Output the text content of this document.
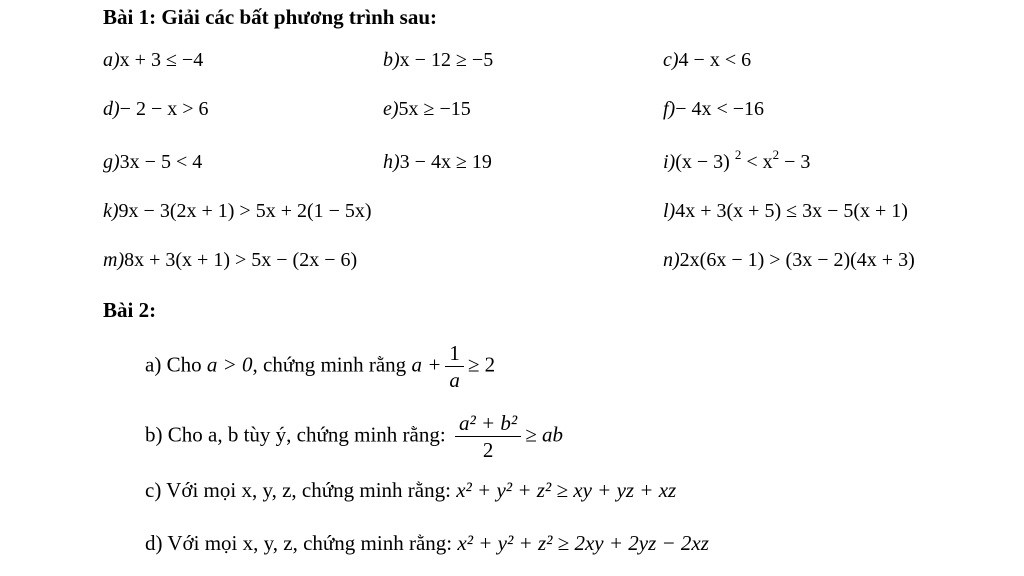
Bài 1: Giải các bất phương trình sau:
a)x + 3 ≤ −4	b)x − 12 ≥ −5	c)4 − x < 6
d)− 2 − x > 6	e)5x ≥ −15	f)− 4x < −16
g)3x − 5 < 4	h)3 − 4x ≥ 19	i)(x − 3) $^2 < x^2 - 3$
k)9x − 3(2x + 1) > 5x + 2(1 − 5x)	l)4x + 3(x + 5) ≤ 3x − 5(x + 1)
m)8x + 3(x + 1) > 5x − (2x − 6)	n)2x(6x − 1) > (3x − 2)(4x + 3)
Bài 2:
a) Cho a > 0, chứng minh rằng $a + \frac{1}{a} \ge 2$
b) Cho a, b tùy ý, chứng minh rằng: $\frac{\text{a² + b²}}{2}$ ≥ ab
c) Với mọi x, y, z, chứng minh rằng: x² + y² + z² ≥ xy + yz + xz
d) Với mọi x, y, z, chứng minh rằng: x² + y² + z² ≥ 2xy + 2yz − 2xz
